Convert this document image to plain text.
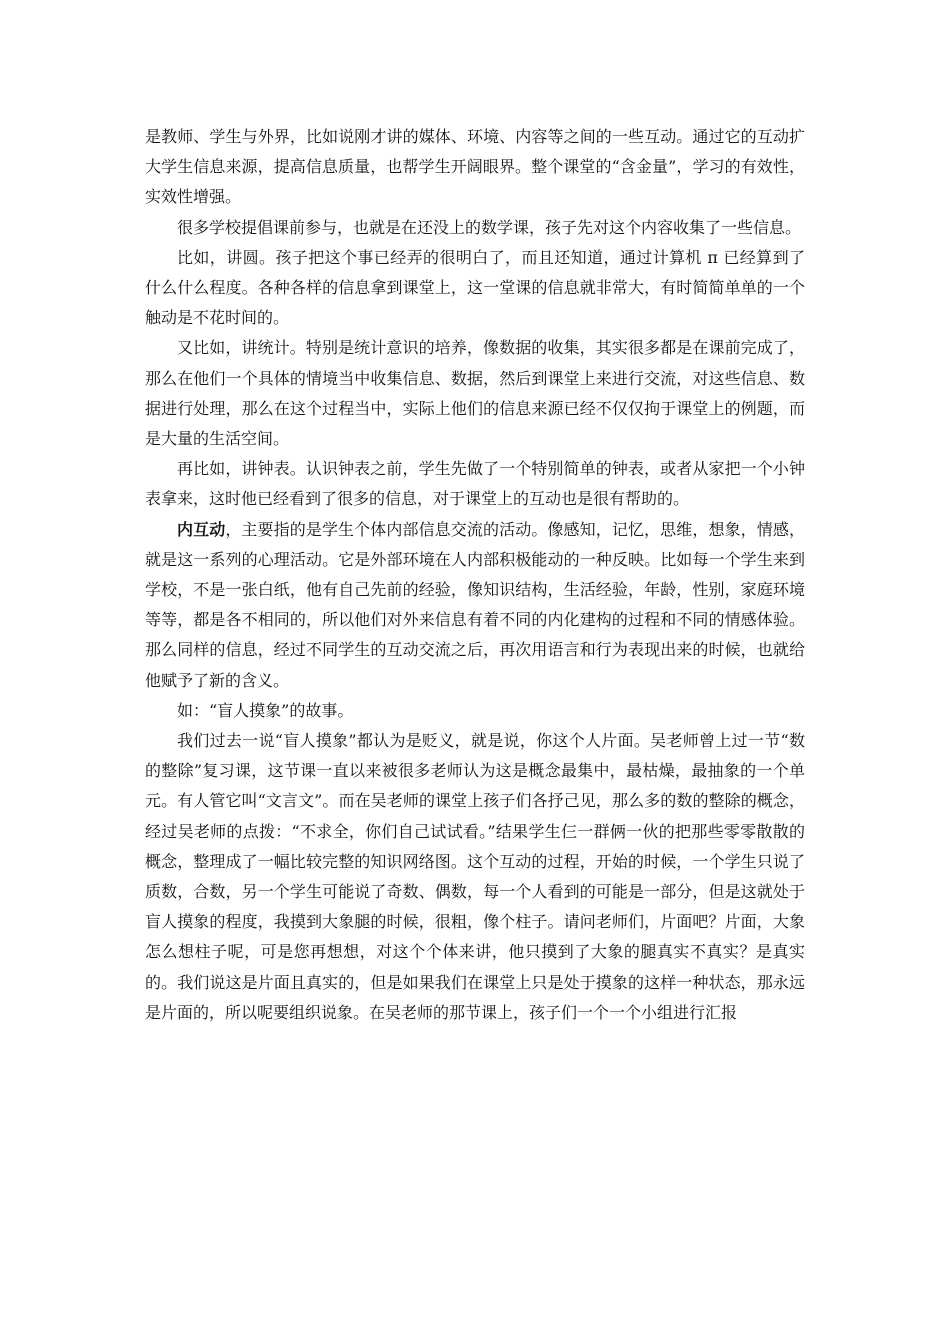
是教师、学生与外界，比如说刚才讲的媒体、环境、内容等之间的一些互动。通过它的互动扩大学生信息来源，提高信息质量，也帮学生开阔眼界。整个课堂的“含金量”，学习的有效性，实效性增强。

很多学校提倡课前参与，也就是在还没上的数学课，孩子先对这个内容收集了一些信息。

比如，讲圆。孩子把这个事已经弄的很明白了，而且还知道，通过计算机 π 已经算到了什么什么程度。各种各样的信息拿到课堂上，这一堂课的信息就非常大，有时简简单单的一个触动是不花时间的。

又比如，讲统计。特别是统计意识的培养，像数据的收集，其实很多都是在课前完成了，那么在他们一个具体的情境当中收集信息、数据，然后到课堂上来进行交流，对这些信息、数据进行处理，那么在这个过程当中，实际上他们的信息来源已经不仅仅拘于课堂上的例题，而是大量的生活空间。

再比如，讲钟表。认识钟表之前，学生先做了一个特别简单的钟表，或者从家把一个小钟表拿来，这时他已经看到了很多的信息，对于课堂上的互动也是很有帮助的。

内互动，主要指的是学生个体内部信息交流的活动。像感知，记忆，思维，想象，情感，就是这一系列的心理活动。它是外部环境在人内部积极能动的一种反映。比如每一个学生来到学校，不是一张白纸，他有自己先前的经验，像知识结构，生活经验，年龄，性别，家庭环境等等，都是各不相同的，所以他们对外来信息有着不同的内化建构的过程和不同的情感体验。那么同样的信息，经过不同学生的互动交流之后，再次用语言和行为表现出来的时候，也就给他赋予了新的含义。

如：“盲人摸象”的故事。

我们过去一说“盲人摸象”都认为是贬义，就是说，你这个人片面。吴老师曾上过一节“数的整除”复习课，这节课一直以来被很多老师认为这是概念最集中，最枯燥，最抽象的一个单元。有人管它叫“文言文”。而在吴老师的课堂上孩子们各抒己见，那么多的数的整除的概念，经过吴老师的点拨：“不求全，你们自己试试看。”结果学生仨一群俩一伙的把那些零零散散的概念，整理成了一幅比较完整的知识网络图。这个互动的过程，开始的时候，一个学生只说了质数，合数，另一个学生可能说了奇数、偶数，每一个人看到的可能是一部分，但是这就处于盲人摸象的程度，我摸到大象腿的时候，很粗，像个柱子。请问老师们，片面吧？片面，大象怎么想柱子呢，可是您再想想，对这个个体来讲，他只摸到了大象的腿真实不真实？是真实的。我们说这是片面且真实的，但是如果我们在课堂上只是处于摸象的这样一种状态，那永远是片面的，所以呢要组织说象。在吴老师的那节课上，孩子们一个一个小组进行汇报
